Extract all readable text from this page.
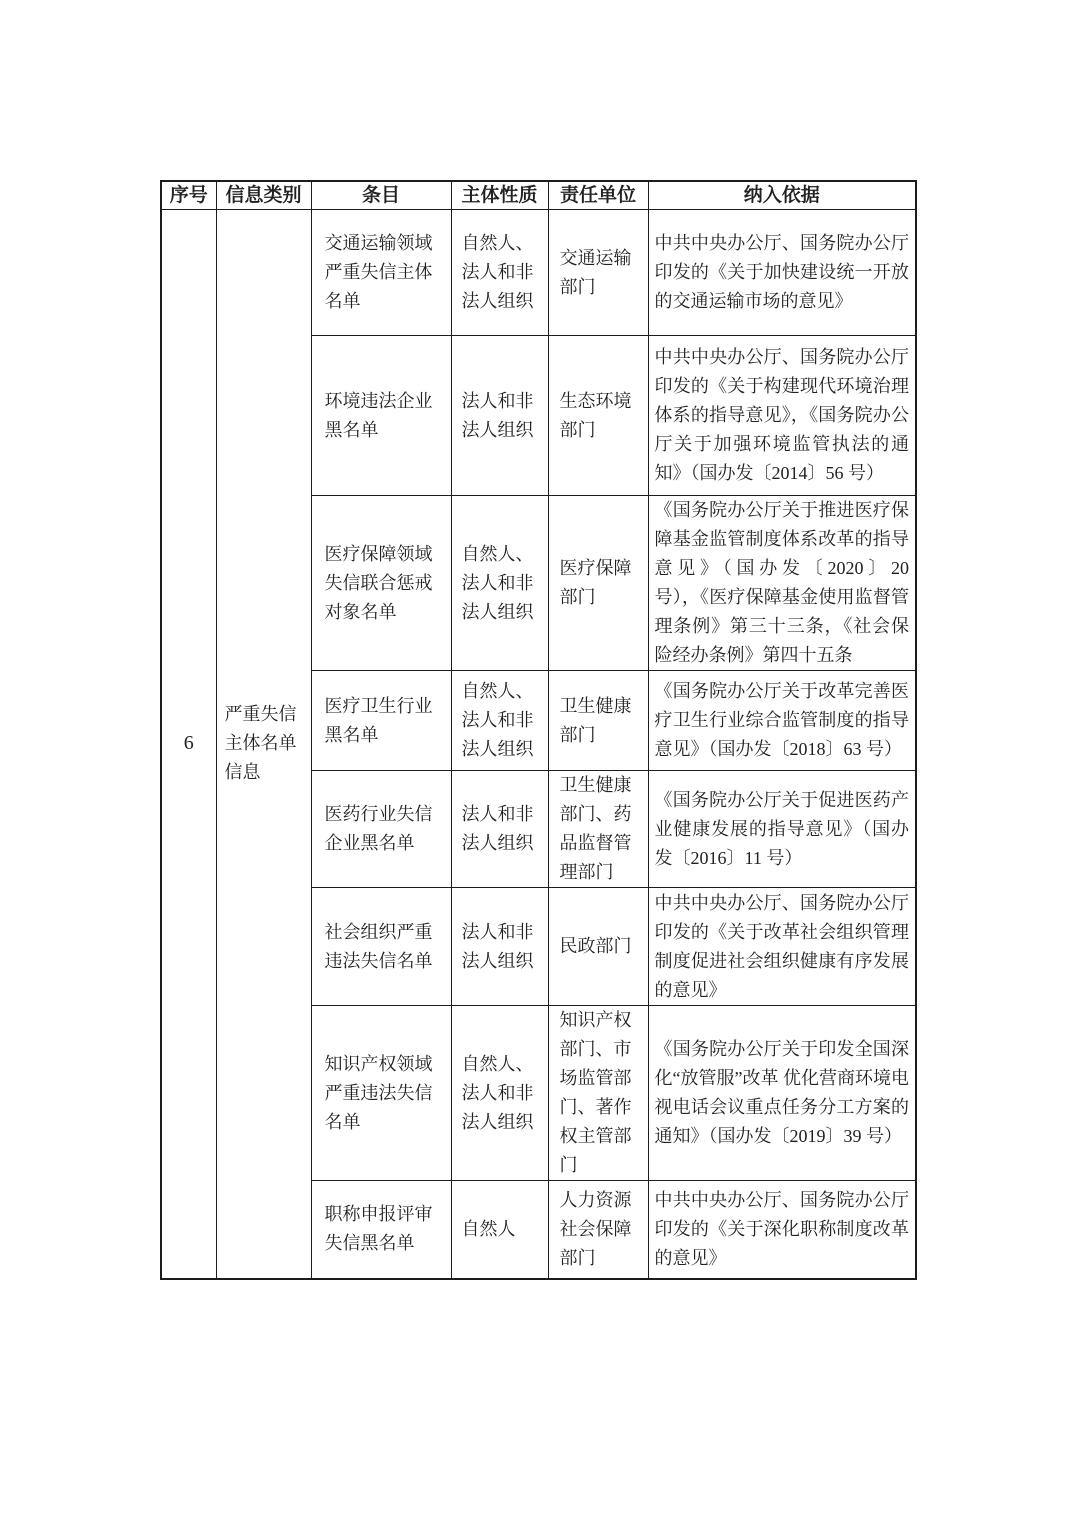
序号	信息类别	条目	主体性质	责任单位	纳入依据
6	严重失信主体名单信息	交通运输领域严重失信主体名单	自然人、法人和非法人组织	交通运输部门	中共中央办公厅、国务院办公厅印发的《关于加快建设统一开放的交通运输市场的意见》
		环境违法企业黑名单	法人和非法人组织	生态环境部门	中共中央办公厅、国务院办公厅印发的《关于构建现代环境治理体系的指导意见》，《国务院办公厅关于加强环境监管执法的通知》（国办发〔2014〕56 号）
		医疗保障领域失信联合惩戒对象名单	自然人、法人和非法人组织	医疗保障部门	《国务院办公厅关于推进医疗保障基金监管制度体系改革的指导意见》（国办发〔2020〕20 号），《医疗保障基金使用监督管理条例》第三十三条，《社会保险经办条例》第四十五条
		医疗卫生行业黑名单	自然人、法人和非法人组织	卫生健康部门	《国务院办公厅关于改革完善医疗卫生行业综合监管制度的指导意见》（国办发〔2018〕63 号）
		医药行业失信企业黑名单	法人和非法人组织	卫生健康部门、药品监督管理部门	《国务院办公厅关于促进医药产业健康发展的指导意见》（国办发〔2016〕11 号）
		社会组织严重违法失信名单	法人和非法人组织	民政部门	中共中央办公厅、国务院办公厅印发的《关于改革社会组织管理制度促进社会组织健康有序发展的意见》
		知识产权领域严重违法失信名单	自然人、法人和非法人组织	知识产权部门、市场监管部门、著作权主管部门	《国务院办公厅关于印发全国深化“放管服”改革 优化营商环境电视电话会议重点任务分工方案的通知》（国办发〔2019〕39 号）
		职称申报评审失信黑名单	自然人	人力资源社会保障部门	中共中央办公厅、国务院办公厅印发的《关于深化职称制度改革的意见》
